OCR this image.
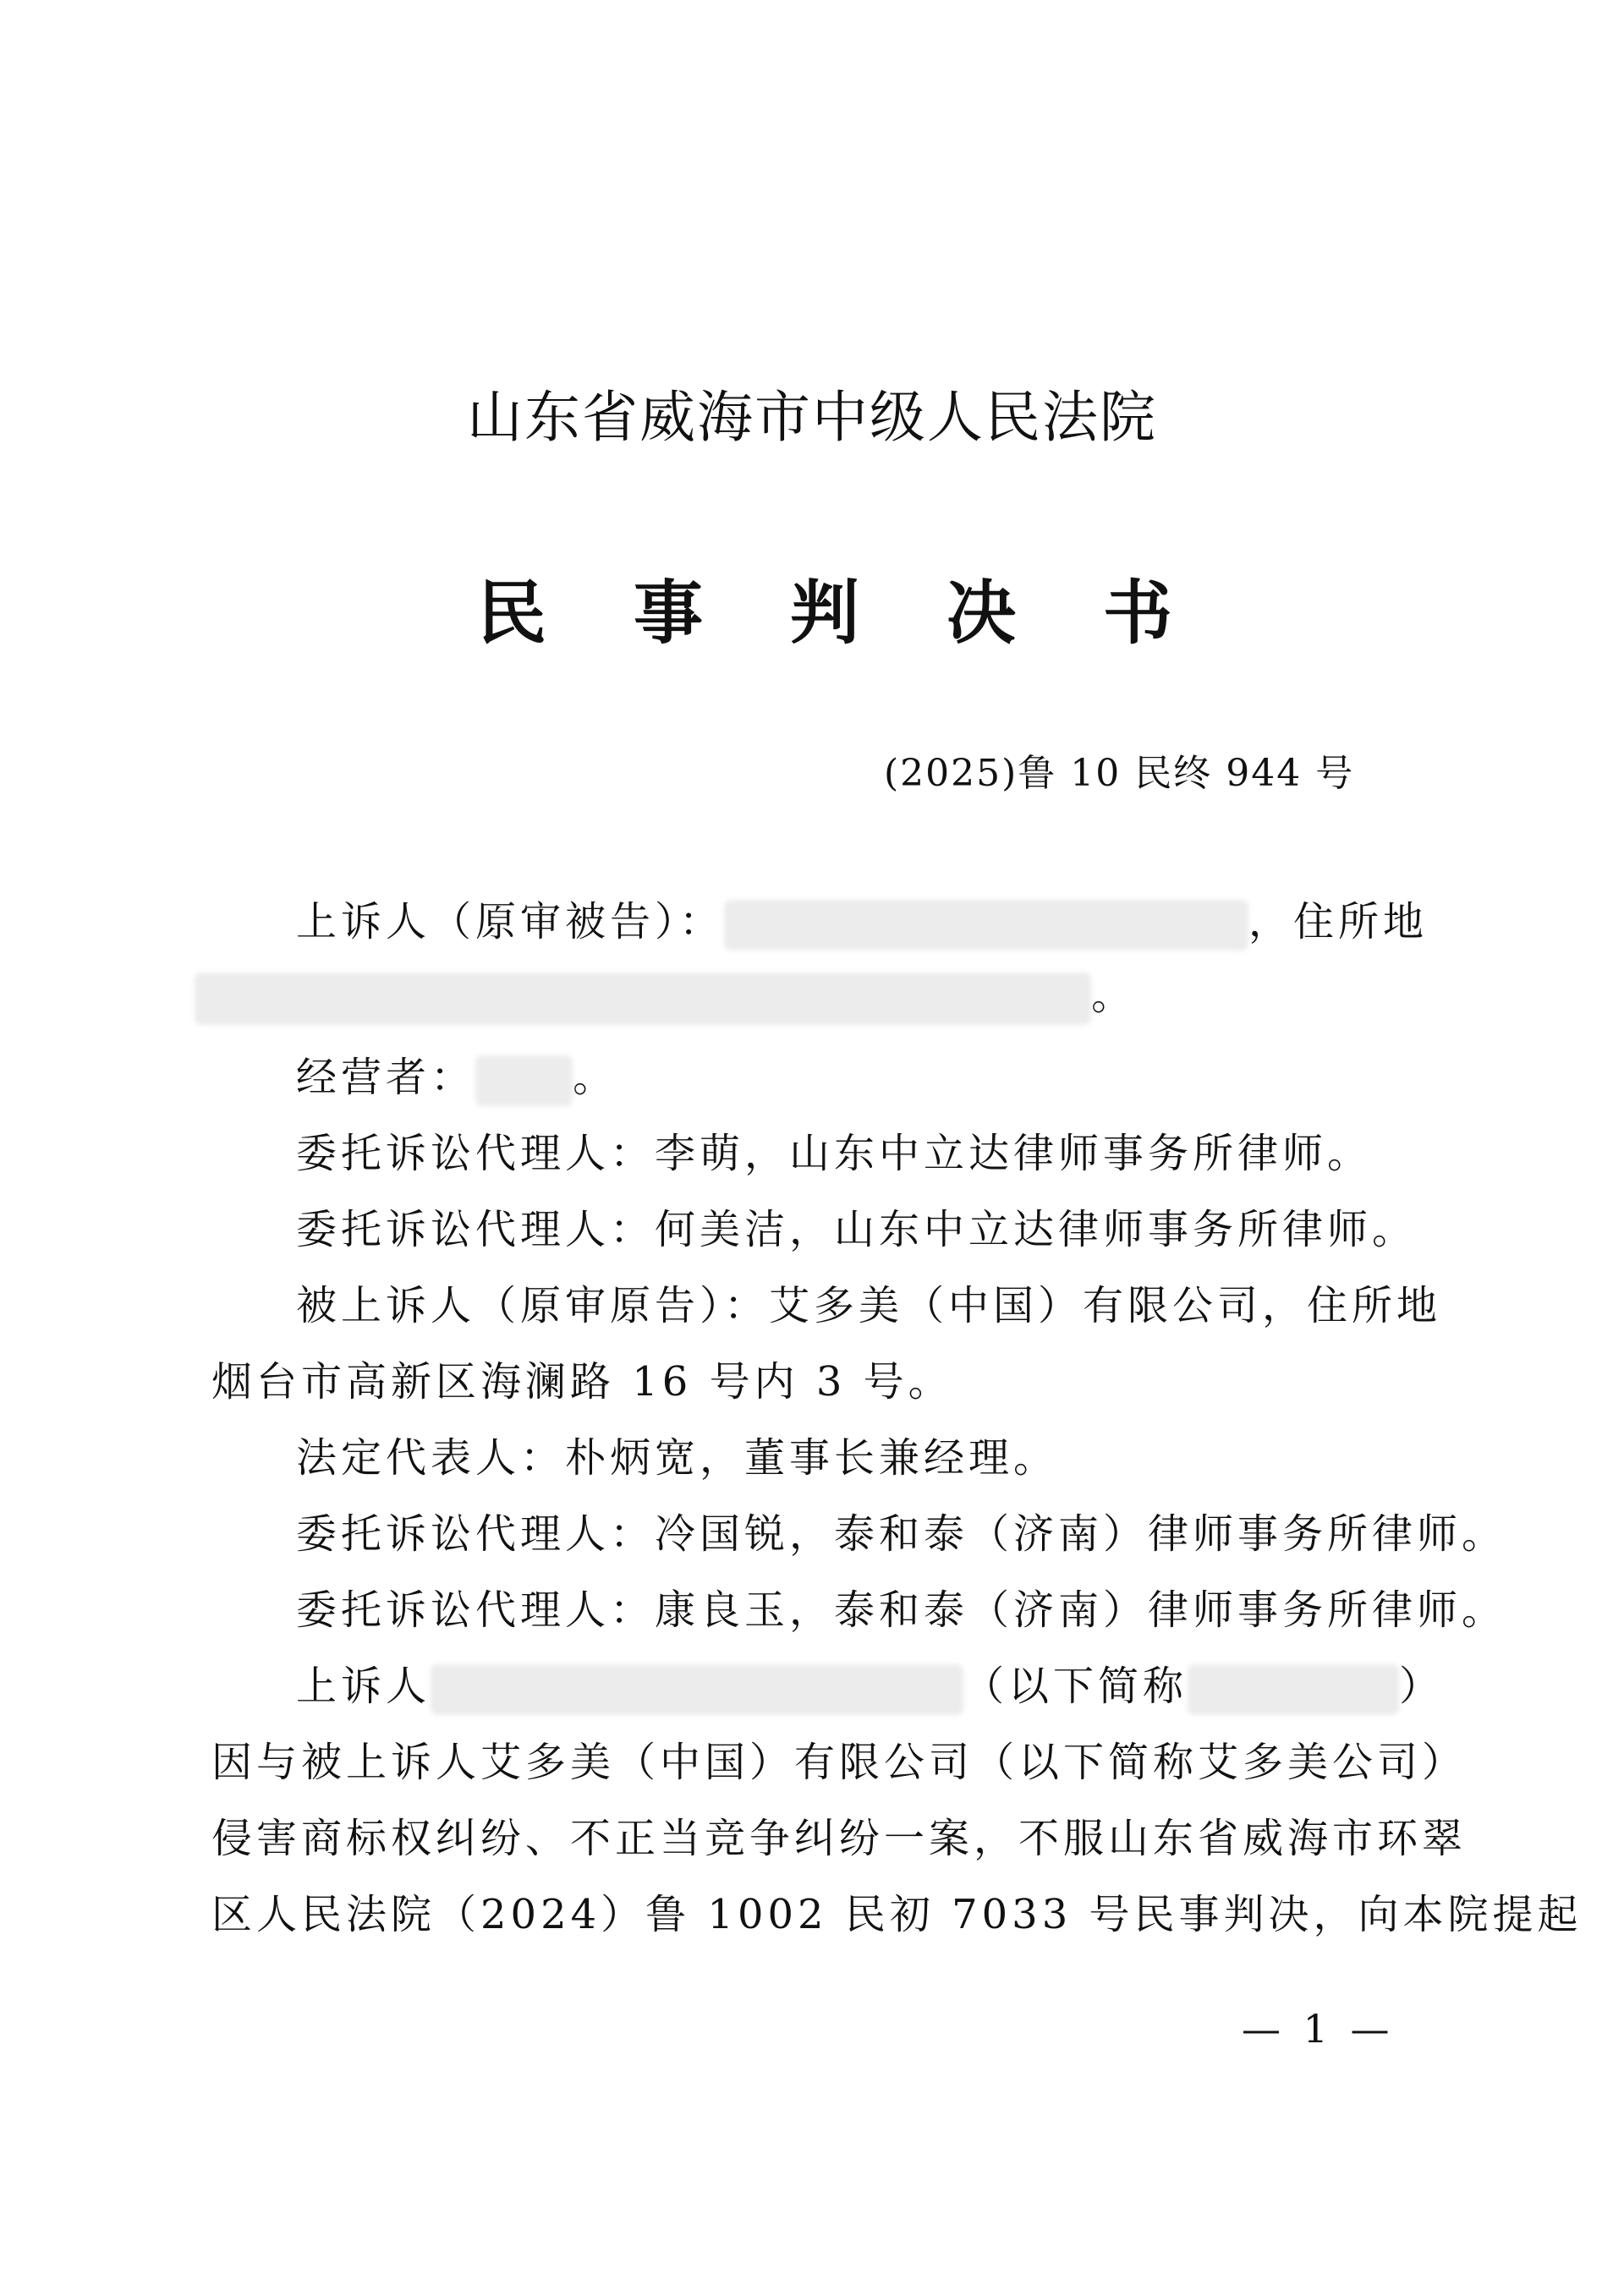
山东省威海市中级人民法院
民 事 判 决 书
(2025)鲁 10 民终 944 号
上诉人（原审被告）：	，住所地
。
经营者： 。
委托诉讼代理人：李萌，山东中立达律师事务所律师。
委托诉讼代理人：何美洁，山东中立达律师事务所律师。
被上诉人（原审原告）：艾多美（中国）有限公司，住所地
烟台市高新区海澜路 16 号内 3 号。
法定代表人：朴炳宽，董事长兼经理。
委托诉讼代理人：冷国锐，泰和泰（济南）律师事务所律师。
委托诉讼代理人：康良玉，泰和泰（济南）律师事务所律师。
上诉人	（以下简称	）
因与被上诉人艾多美（中国）有限公司（以下简称艾多美公司）
侵害商标权纠纷、不正当竞争纠纷一案，不服山东省威海市环翠
区人民法院（2024）鲁 1002 民初 7033 号民事判决，向本院提起
— 1 —
